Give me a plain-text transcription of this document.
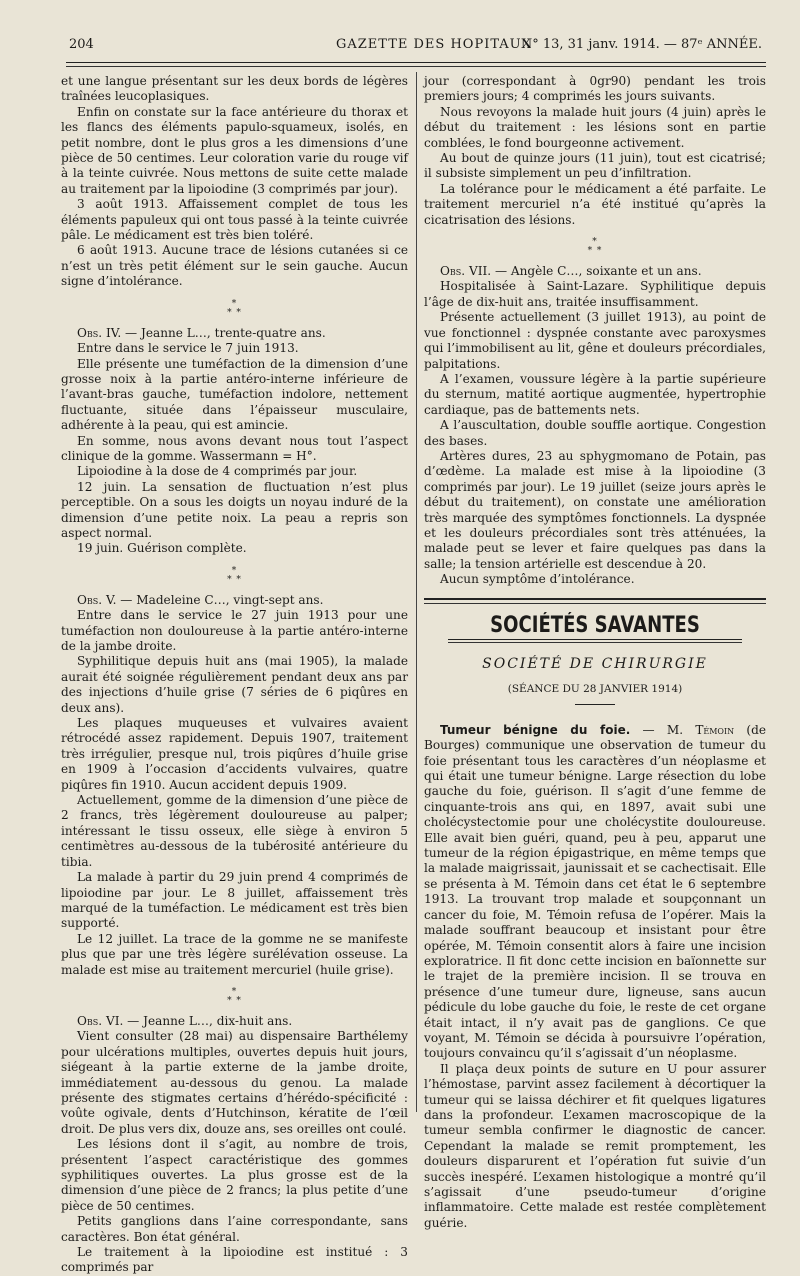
204	GAZETTE DES HOPITAUX
N° 13, 31 janv. 1914. — 87ᵉ ANNÉE.

et une langue présentant sur les deux bords de légères traînées leucoplasiques.

Enfin on constate sur la face antérieure du thorax et les flancs des éléments papulo-squameux, isolés, en petit nombre, dont le plus gros a les dimensions d’une pièce de 50 centimes. Leur coloration varie du rouge vif à la teinte cuivrée. Nous mettons de suite cette malade au traitement par la lipoiodine (3 comprimés par jour).

3 août 1913. Affaissement complet de tous les éléments papuleux qui ont tous passé à la teinte cuivrée pâle. Le médicament est très bien toléré.

6 août 1913. Aucune trace de lésions cutanées si ce n’est un très petit élément sur le sein gauche. Aucun signe d’intolérance.

*
* *

Obs. IV. — Jeanne L…, trente-quatre ans.

Entre dans le service le 7 juin 1913.

Elle présente une tuméfaction de la dimension d’une grosse noix à la partie antéro-interne inférieure de l’avant-bras gauche, tuméfaction indolore, nettement fluctuante, située dans l’épaisseur musculaire, adhérente à la peau, qui est amincie.

En somme, nous avons devant nous tout l’aspect clinique de la gomme. Wassermann = H°.

Lipoiodine à la dose de 4 comprimés par jour.

12 juin. La sensation de fluctuation n’est plus perceptible. On a sous les doigts un noyau induré de la dimension d’une petite noix. La peau a repris son aspect normal.

19 juin. Guérison complète.

*
* *

Obs. V. — Madeleine C…, vingt-sept ans.

Entre dans le service le 27 juin 1913 pour une tuméfaction non douloureuse à la partie antéro-interne de la jambe droite.

Syphilitique depuis huit ans (mai 1905), la malade aurait été soignée régulièrement pendant deux ans par des injections d’huile grise (7 séries de 6 piqûres en deux ans).

Les plaques muqueuses et vulvaires avaient rétrocédé assez rapidement. Depuis 1907, traitement très irrégulier, presque nul, trois piqûres d’huile grise en 1909 à l’occasion d’accidents vulvaires, quatre piqûres fin 1910. Aucun accident depuis 1909.

Actuellement, gomme de la dimension d’une pièce de 2 francs, très légèrement douloureuse au palper; intéressant le tissu osseux, elle siège à environ 5 centimètres au-dessous de la tubérosité antérieure du tibia.

La malade à partir du 29 juin prend 4 comprimés de lipoiodine par jour. Le 8 juillet, affaissement très marqué de la tuméfaction. Le médicament est très bien supporté.

Le 12 juillet. La trace de la gomme ne se manifeste plus que par une très légère surélévation osseuse. La malade est mise au traitement mercuriel (huile grise).

*
* *

Obs. VI. — Jeanne L…, dix-huit ans.

Vient consulter (28 mai) au dispensaire Barthélemy pour ulcérations multiples, ouvertes depuis huit jours, siégeant à la partie externe de la jambe droite, immédiatement au-dessous du genou. La malade présente des stigmates certains d’hérédo-spécificité : voûte ogivale, dents d’Hutchinson, kératite de l’œil droit. De plus vers dix, douze ans, ses oreilles ont coulé.

Les lésions dont il s’agit, au nombre de trois, présentent l’aspect caractéristique des gommes syphilitiques ouvertes. La plus grosse est de la dimension d’une pièce de 2 francs; la plus petite d’une pièce de 50 centimes.

Petits ganglions dans l’aine correspondante, sans caractères. Bon état général.

Le traitement à la lipoiodine est institué : 3 comprimés par

jour (correspondant à 0gr90) pendant les trois premiers jours; 4 comprimés les jours suivants.

Nous revoyons la malade huit jours (4 juin) après le début du traitement : les lésions sont en partie comblées, le fond bourgeonne activement.

Au bout de quinze jours (11 juin), tout est cicatrisé; il subsiste simplement un peu d’infiltration.

La tolérance pour le médicament a été parfaite. Le traitement mercuriel n’a été institué qu’après la cicatrisation des lésions.

*
* *

Obs. VII. — Angèle C…, soixante et un ans.

Hospitalisée à Saint-Lazare. Syphilitique depuis l’âge de dix-huit ans, traitée insuffisamment.

Présente actuellement (3 juillet 1913), au point de vue fonctionnel : dyspnée constante avec paroxysmes qui l’immobilisent au lit, gêne et douleurs précordiales, palpitations.

A l’examen, voussure légère à la partie supérieure du sternum, matité aortique augmentée, hypertrophie cardiaque, pas de battements nets.

A l’auscultation, double souffle aortique. Congestion des bases.

Artères dures, 23 au sphygmomano de Potain, pas d’œdème. La malade est mise à la lipoiodine (3 comprimés par jour). Le 19 juillet (seize jours après le début du traitement), on constate une amélioration très marquée des symptômes fonctionnels. La dyspnée et les douleurs précordiales sont très atténuées, la malade peut se lever et faire quelques pas dans la salle; la tension artérielle est descendue à 20.

Aucun symptôme d’intolérance.

SOCIÉTÉS SAVANTES
SOCIÉTÉ DE CHIRURGIE
(SÉANCE DU 28 JANVIER 1914)

Tumeur bénigne du foie. — M. Témoin (de Bourges) communique une observation de tumeur du foie présentant tous les caractères d’un néoplasme et qui était une tumeur bénigne. Large résection du lobe gauche du foie, guérison. Il s’agit d’une femme de cinquante-trois ans qui, en 1897, avait subi une cholécystectomie pour une cholécystite douloureuse. Elle avait bien guéri, quand, peu à peu, apparut une tumeur de la région épigastrique, en même temps que la malade maigrissait, jaunissait et se cachectisait. Elle se présenta à M. Témoin dans cet état le 6 septembre 1913. La trouvant trop malade et soupçonnant un cancer du foie, M. Témoin refusa de l’opérer. Mais la malade souffrant beaucoup et insistant pour être opérée, M. Témoin consentit alors à faire une incision exploratrice. Il fit donc cette incision en baïonnette sur le trajet de la première incision. Il se trouva en présence d’une tumeur dure, ligneuse, sans aucun pédicule du lobe gauche du foie, le reste de cet organe était intact, il n’y avait pas de ganglions. Ce que voyant, M. Témoin se décida à poursuivre l’opération, toujours convaincu qu’il s’agissait d’un néoplasme.

Il plaça deux points de suture en U pour assurer l’hémostase, parvint assez facilement à décortiquer la tumeur qui se laissa déchirer et fit quelques ligatures dans la profondeur. L’examen macroscopique de la tumeur sembla confirmer le diagnostic de cancer. Cependant la malade se remit promptement, les douleurs disparurent et l’opération fut suivie d’un succès inespéré. L’examen histologique a montré qu’il s’agissait d’une pseudo-tumeur d’origine inflammatoire. Cette malade est restée complètement guérie.
